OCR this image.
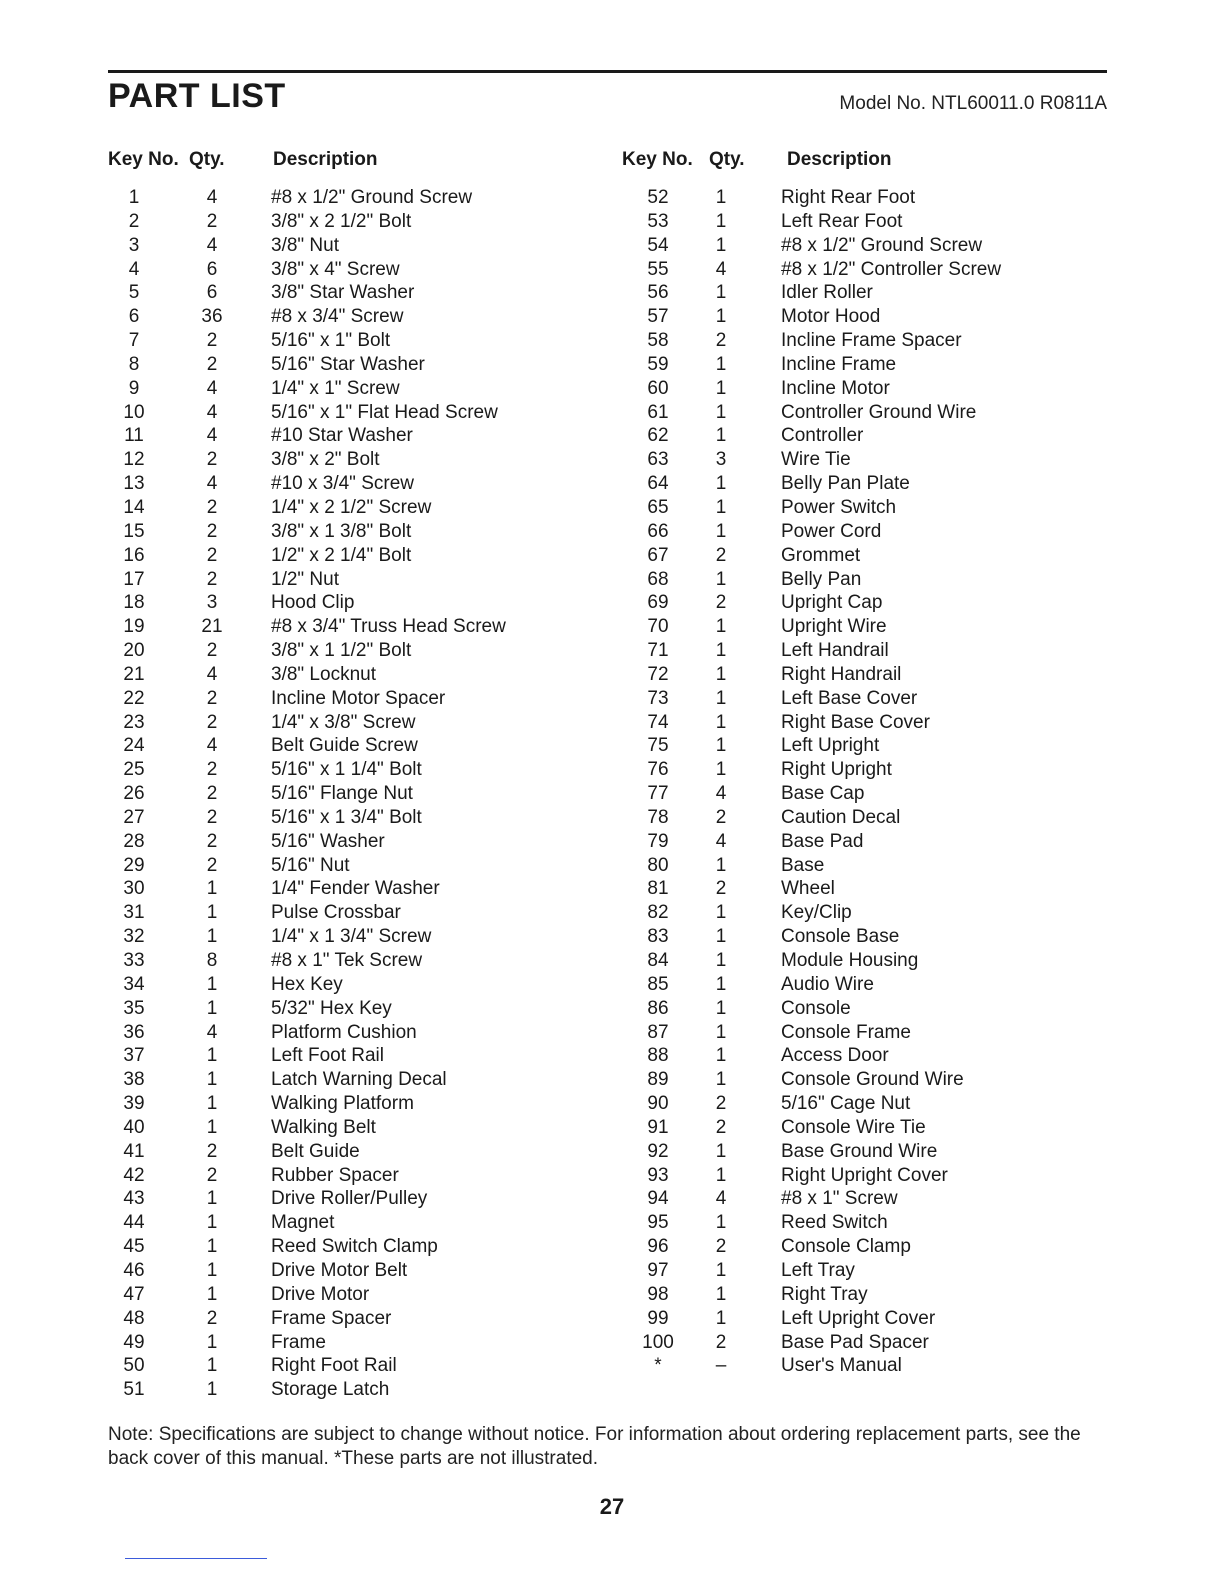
PART LIST	Model No. NTL60011.0 R0811A
Key No. Qty.	Description
1	4	#8 x 1/2" Ground Screw
2	2	3/8" x 2 1/2" Bolt
3	4	3/8" Nut
4	6	3/8" x 4" Screw
5	6	3/8" Star Washer
6	36	#8 x 3/4" Screw
7	2	5/16" x 1" Bolt
8	2	5/16" Star Washer
9	4	1/4" x 1" Screw
10	4	5/16" x 1" Flat Head Screw
11	4	#10 Star Washer
12	2	3/8" x 2" Bolt
13	4	#10 x 3/4" Screw
14	2	1/4" x 2 1/2" Screw
15	2	3/8" x 1 3/8" Bolt
16	2	1/2" x 2 1/4" Bolt
17	2	1/2" Nut
18	3	Hood Clip
19	21	#8 x 3/4" Truss Head Screw
20	2	3/8" x 1 1/2" Bolt
21	4	3/8" Locknut
22	2	Incline Motor Spacer
23	2	1/4" x 3/8" Screw
24	4	Belt Guide Screw
25	2	5/16" x 1 1/4" Bolt
26	2	5/16" Flange Nut
27	2	5/16" x 1 3/4" Bolt
28	2	5/16" Washer
29	2	5/16" Nut
30	1	1/4" Fender Washer
31	1	Pulse Crossbar
32	1	1/4" x 1 3/4" Screw
33	8	#8 x 1" Tek Screw
34	1	Hex Key
35	1	5/32" Hex Key
36	4	Platform Cushion
37	1	Left Foot Rail
38	1	Latch Warning Decal
39	1	Walking Platform
40	1	Walking Belt
41	2	Belt Guide
42	2	Rubber Spacer
43	1	Drive Roller/Pulley
44	1	Magnet
45	1	Reed Switch Clamp
46	1	Drive Motor Belt
47	1	Drive Motor
48	2	Frame Spacer
49	1	Frame
50	1	Right Foot Rail
51	1	Storage Latch
Key No. Qty. Description
52	1	Right Rear Foot
53	1	Left Rear Foot
54	1	#8 x 1/2" Ground Screw
55	4	#8 x 1/2" Controller Screw
56	1	Idler Roller
57	1	Motor Hood
58	2	Incline Frame Spacer
59	1	Incline Frame
60	1	Incline Motor
61	1	Controller Ground Wire
62	1	Controller
63	3	Wire Tie
64	1	Belly Pan Plate
65	1	Power Switch
66	1	Power Cord
67	2	Grommet
68	1	Belly Pan
69	2	Upright Cap
70	1	Upright Wire
71	1	Left Handrail
72	1	Right Handrail
73	1	Left Base Cover
74	1	Right Base Cover
75	1	Left Upright
76	1	Right Upright
77	4	Base Cap
78	2	Caution Decal
79	4	Base Pad
80	1	Base
81	2	Wheel
82	1	Key/Clip
83	1	Console Base
84	1	Module Housing
85	1	Audio Wire
86	1	Console
87	1	Console Frame
88	1	Access Door
89	1	Console Ground Wire
90	2	5/16" Cage Nut
91	2	Console Wire Tie
92	1	Base Ground Wire
93	1	Right Upright Cover
94	4	#8 x 1" Screw
95	1	Reed Switch
96	2	Console Clamp
97	1	Left Tray
98	1	Right Tray
99	1	Left Upright Cover
100	2	Base Pad Spacer
*	–	User's Manual
Note: Specifications are subject to change without notice. For information about ordering replacement parts, see the back cover of this manual. *These parts are not illustrated.
27
